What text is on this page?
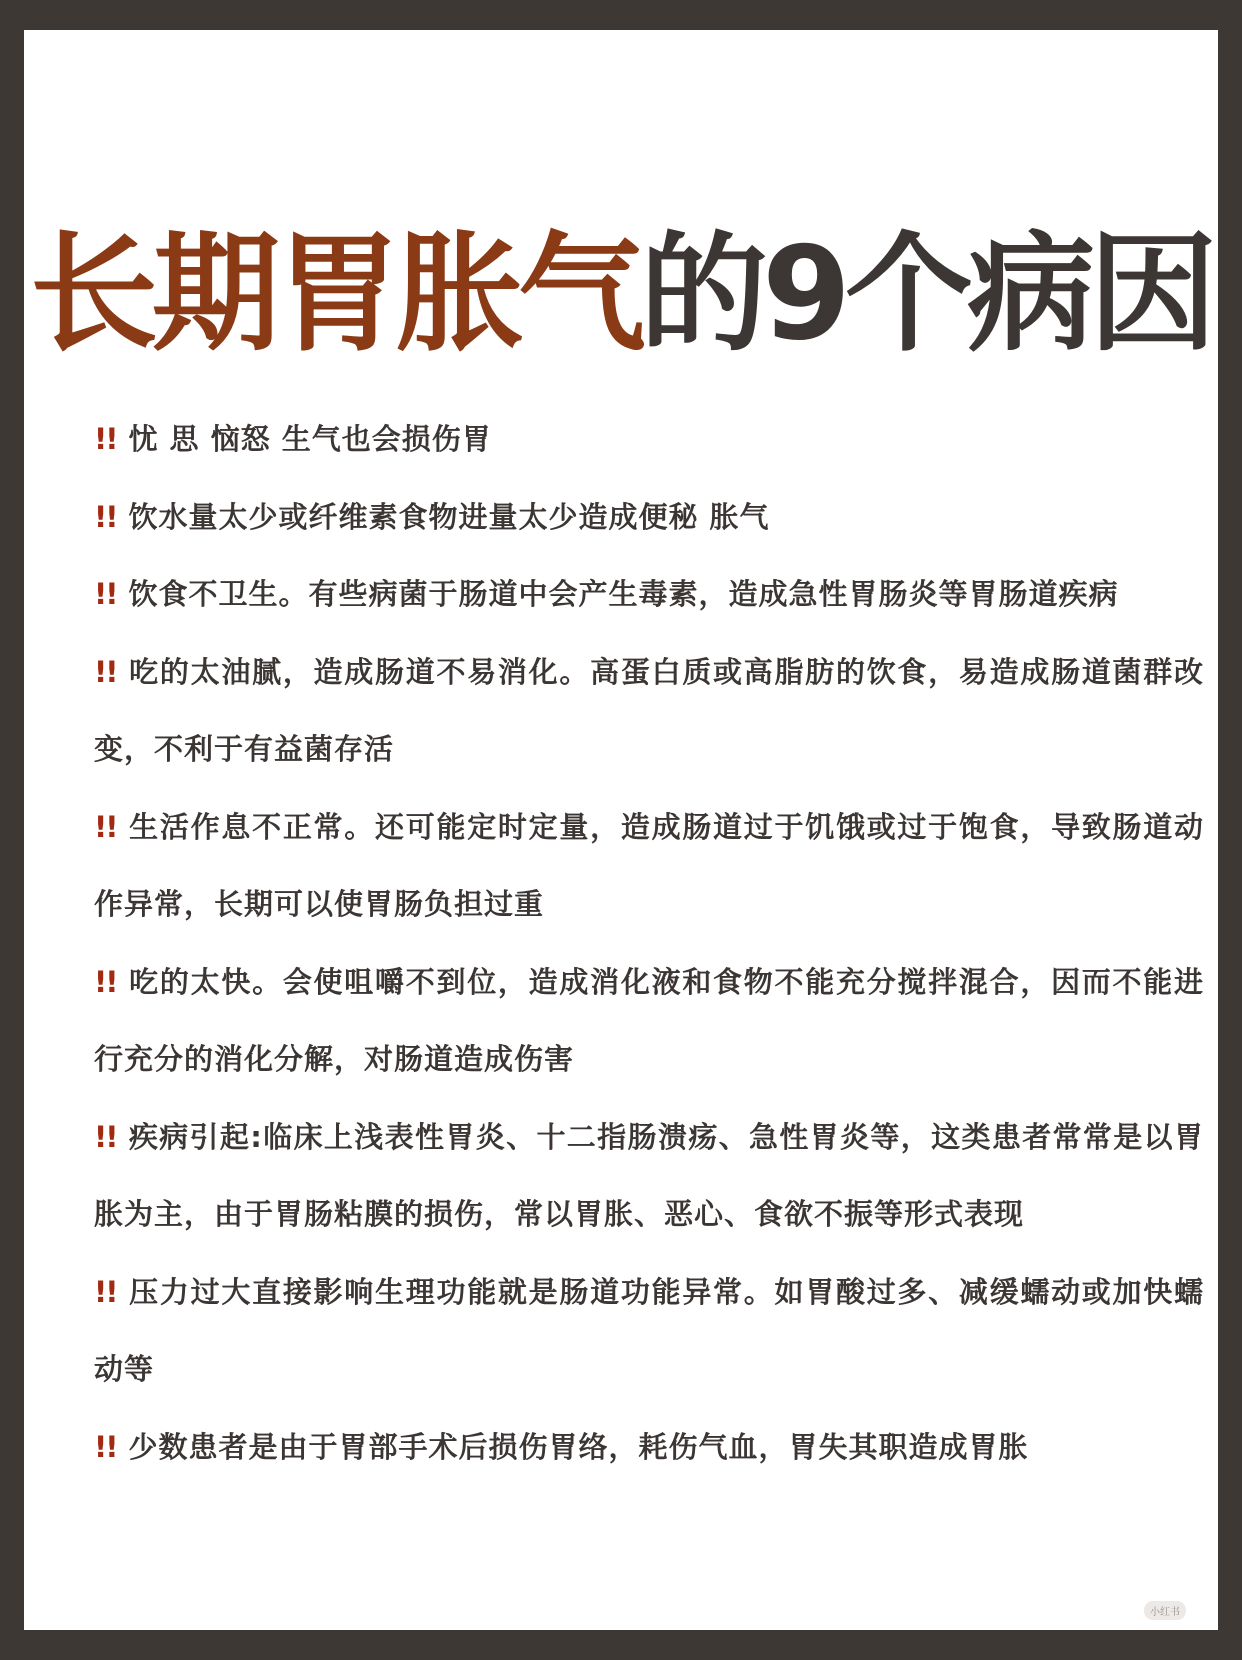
长期胃胀气的9个病因
!! 忧 思 恼怒 生气也会损伤胃
!! 饮水量太少或纤维素食物进量太少造成便秘 胀气
!! 饮食不卫生。有些病菌于肠道中会产生毒素，造成急性胃肠炎等胃肠道疾病
!! 吃的太油腻，造成肠道不易消化。高蛋白质或高脂肪的饮食，易造成肠道菌群改变，不利于有益菌存活
!! 生活作息不正常。还可能定时定量，造成肠道过于饥饿或过于饱食，导致肠道动作异常，长期可以使胃肠负担过重
!! 吃的太快。会使咀嚼不到位，造成消化液和食物不能充分搅拌混合，因而不能进行充分的消化分解，对肠道造成伤害
!! 疾病引起:临床上浅表性胃炎、十二指肠溃疡、急性胃炎等，这类患者常常是以胃胀为主，由于胃肠粘膜的损伤，常以胃胀、恶心、食欲不振等形式表现
!! 压力过大直接影响生理功能就是肠道功能异常。如胃酸过多、减缓蠕动或加快蠕动等
!! 少数患者是由于胃部手术后损伤胃络，耗伤气血，胃失其职造成胃胀
小红书
